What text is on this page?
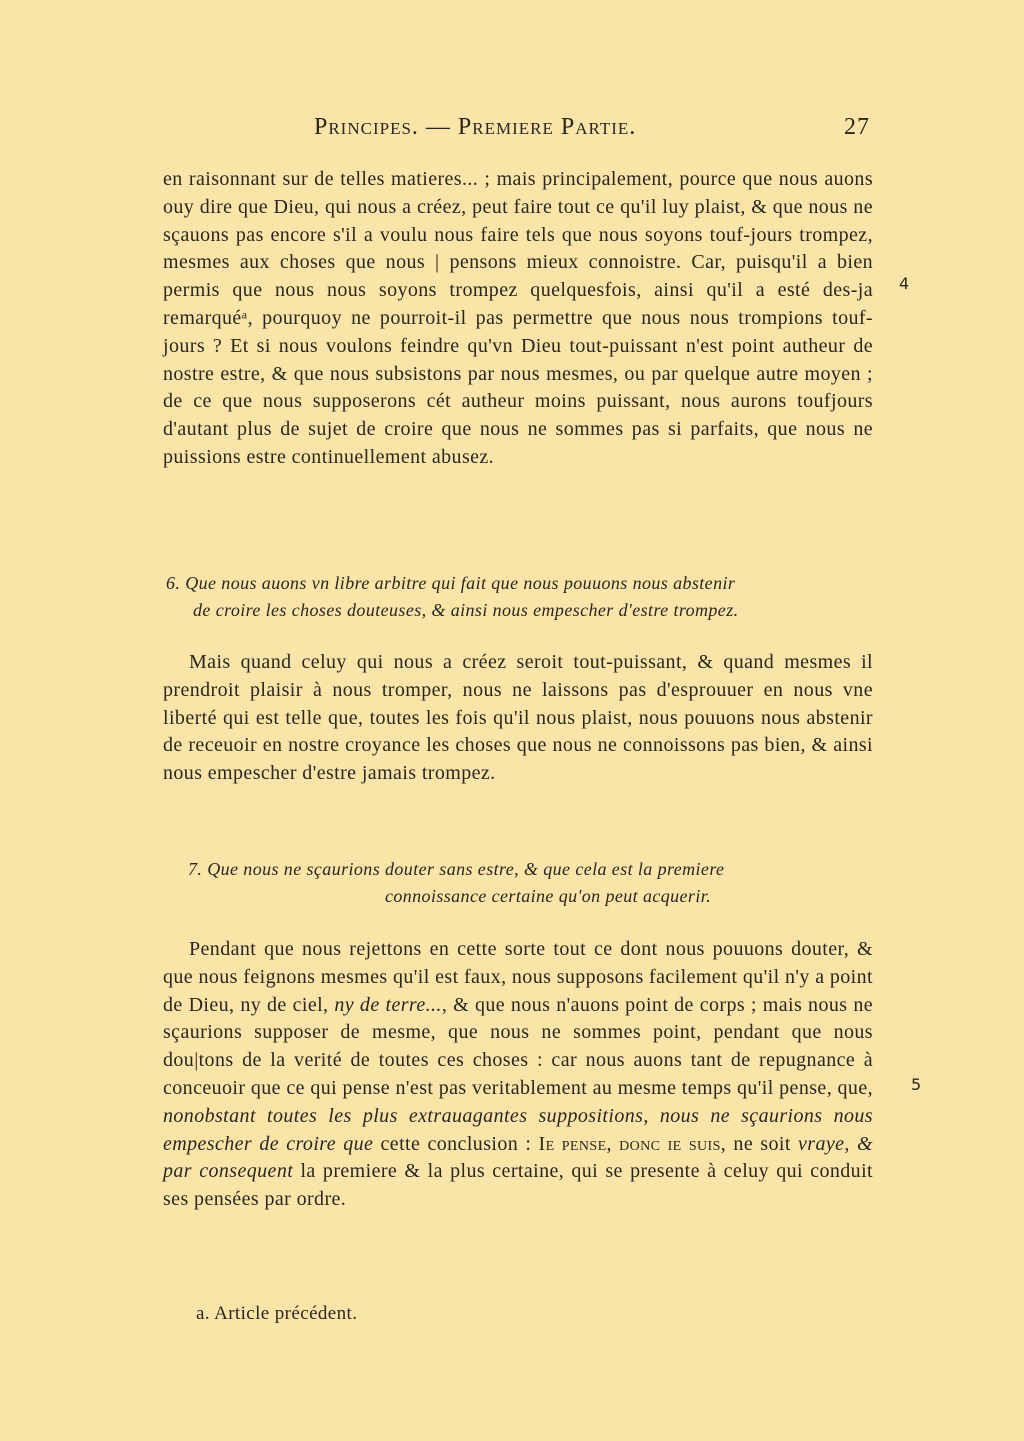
Principes. — Premiere Partie.	27

en raisonnant sur de telles matieres... ; mais principalement, pource que nous auons ouy dire que Dieu, qui nous a créez, peut faire tout ce qu'il luy plaist, & que nous ne sçauons pas encore s'il a voulu nous faire tels que nous soyons touf-jours trompez, mesmes aux choses que nous | pensons mieux connoistre. Car, puisqu'il a bien permis que nous nous soyons trompez quelquesfois, ainsi qu'il a esté des-ja remarquéᵃ, pourquoy ne pourroit-il pas permettre que nous nous trompions touf-jours ? Et si nous voulons feindre qu'vn Dieu tout-puissant n'est point autheur de nostre estre, & que nous subsistons par nous mesmes, ou par quelque autre moyen ; de ce que nous supposerons cét autheur moins puissant, nous aurons toufjours d'autant plus de sujet de croire que nous ne sommes pas si parfaits, que nous ne puissions estre continuellement abusez.

4
6. Que nous auons vn libre arbitre qui fait que nous pouuons nous abstenir
de croire les choses douteuses, & ainsi nous empescher d'estre trompez.

Mais quand celuy qui nous a créez seroit tout-puissant, & quand mesmes il prendroit plaisir à nous tromper, nous ne laissons pas d'esprouuer en nous vne liberté qui est telle que, toutes les fois qu'il nous plaist, nous pouuons nous abstenir de receuoir en nostre croyance les choses que nous ne connoissons pas bien, & ainsi nous empescher d'estre jamais trompez.

7. Que nous ne sçaurions douter sans estre, & que cela est la premiere
connoissance certaine qu'on peut acquerir.

Pendant que nous rejettons en cette sorte tout ce dont nous pouuons douter, & que nous feignons mesmes qu'il est faux, nous supposons facilement qu'il n'y a point de Dieu, ny de ciel, ny de terre..., & que nous n'auons point de corps ; mais nous ne sçaurions supposer de mesme, que nous ne sommes point, pendant que nous dou|tons de la verité de toutes ces choses : car nous auons tant de repugnance à conceuoir que ce qui pense n'est pas veritablement au mesme temps qu'il pense, que, nonobstant toutes les plus extrauagantes suppositions, nous ne sçaurions nous empescher de croire que cette conclusion : Ie pense, donc ie suis, ne soit vraye, & par consequent la premiere & la plus certaine, qui se presente à celuy qui conduit ses pensées par ordre.

5
a. Article précédent.
